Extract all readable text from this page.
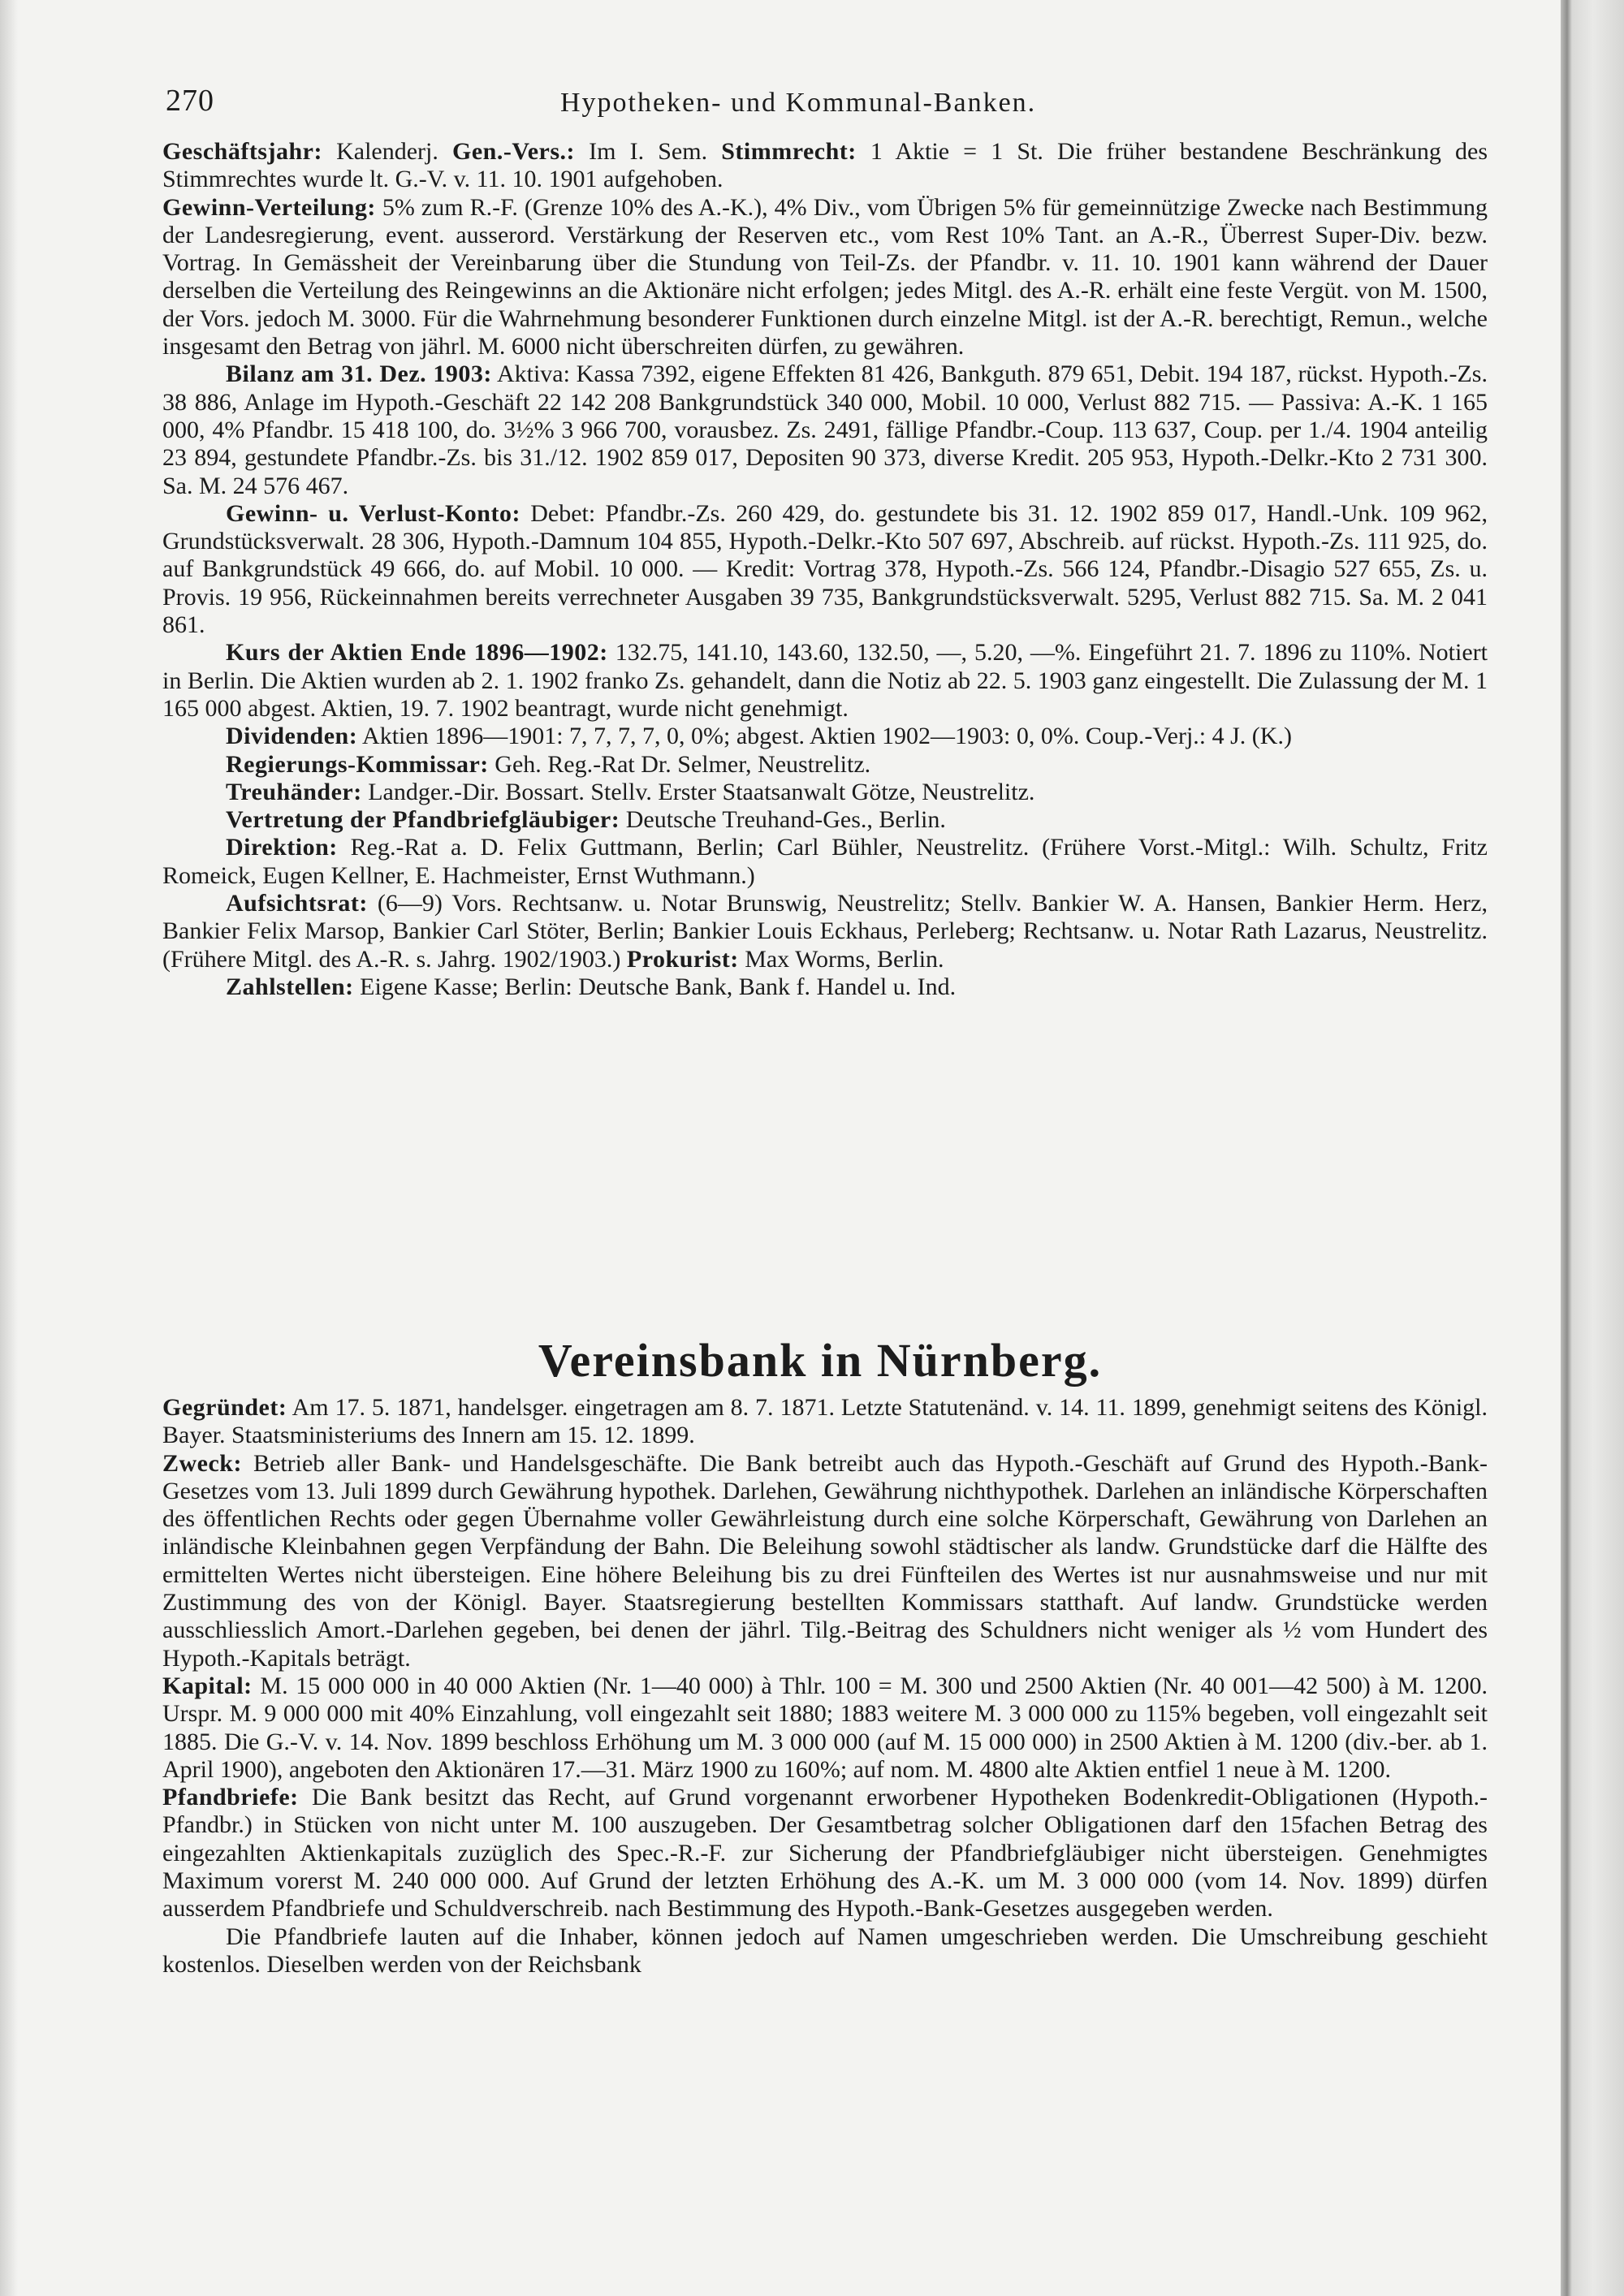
270	Hypotheken- und Kommunal-Banken.

Geschäftsjahr: Kalenderj. Gen.-Vers.: Im I. Sem. Stimmrecht: 1 Aktie = 1 St. Die früher bestandene Beschränkung des Stimmrechtes wurde lt. G.-V. v. 11. 10. 1901 aufgehoben.

Gewinn-Verteilung: 5% zum R.-F. (Grenze 10% des A.-K.), 4% Div., vom Übrigen 5% für gemeinnützige Zwecke nach Bestimmung der Landesregierung, event. ausserord. Verstärkung der Reserven etc., vom Rest 10% Tant. an A.-R., Überrest Super-Div. bezw. Vortrag. In Gemässheit der Vereinbarung über die Stundung von Teil-Zs. der Pfandbr. v. 11. 10. 1901 kann während der Dauer derselben die Verteilung des Reingewinns an die Aktionäre nicht erfolgen; jedes Mitgl. des A.-R. erhält eine feste Vergüt. von M. 1500, der Vors. jedoch M. 3000. Für die Wahrnehmung besonderer Funktionen durch einzelne Mitgl. ist der A.-R. berechtigt, Remun., welche insgesamt den Betrag von jährl. M. 6000 nicht überschreiten dürfen, zu gewähren.

Bilanz am 31. Dez. 1903: Aktiva: Kassa 7392, eigene Effekten 81 426, Bankguth. 879 651, Debit. 194 187, rückst. Hypoth.-Zs. 38 886, Anlage im Hypoth.-Geschäft 22 142 208 Bankgrundstück 340 000, Mobil. 10 000, Verlust 882 715. — Passiva: A.-K. 1 165 000, 4% Pfandbr. 15 418 100, do. 3½% 3 966 700, vorausbez. Zs. 2491, fällige Pfandbr.-Coup. 113 637, Coup. per 1./4. 1904 anteilig 23 894, gestundete Pfandbr.-Zs. bis 31./12. 1902 859 017, Depositen 90 373, diverse Kredit. 205 953, Hypoth.-Delkr.-Kto 2 731 300. Sa. M. 24 576 467.

Gewinn- u. Verlust-Konto: Debet: Pfandbr.-Zs. 260 429, do. gestundete bis 31. 12. 1902 859 017, Handl.-Unk. 109 962, Grundstücksverwalt. 28 306, Hypoth.-Damnum 104 855, Hypoth.-Delkr.-Kto 507 697, Abschreib. auf rückst. Hypoth.-Zs. 111 925, do. auf Bankgrundstück 49 666, do. auf Mobil. 10 000. — Kredit: Vortrag 378, Hypoth.-Zs. 566 124, Pfandbr.-Disagio 527 655, Zs. u. Provis. 19 956, Rückeinnahmen bereits verrechneter Ausgaben 39 735, Bankgrundstücksverwalt. 5295, Verlust 882 715. Sa. M. 2 041 861.

Kurs der Aktien Ende 1896—1902: 132.75, 141.10, 143.60, 132.50, —, 5.20, —%. Eingeführt 21. 7. 1896 zu 110%. Notiert in Berlin. Die Aktien wurden ab 2. 1. 1902 franko Zs. gehandelt, dann die Notiz ab 22. 5. 1903 ganz eingestellt. Die Zulassung der M. 1 165 000 abgest. Aktien, 19. 7. 1902 beantragt, wurde nicht genehmigt.

Dividenden: Aktien 1896—1901: 7, 7, 7, 7, 0, 0%; abgest. Aktien 1902—1903: 0, 0%. Coup.-Verj.: 4 J. (K.)

Regierungs-Kommissar: Geh. Reg.-Rat Dr. Selmer, Neustrelitz.

Treuhänder: Landger.-Dir. Bossart. Stellv. Erster Staatsanwalt Götze, Neustrelitz.

Vertretung der Pfandbriefgläubiger: Deutsche Treuhand-Ges., Berlin.

Direktion: Reg.-Rat a. D. Felix Guttmann, Berlin; Carl Bühler, Neustrelitz. (Frühere Vorst.-Mitgl.: Wilh. Schultz, Fritz Romeick, Eugen Kellner, E. Hachmeister, Ernst Wuthmann.)

Aufsichtsrat: (6—9) Vors. Rechtsanw. u. Notar Brunswig, Neustrelitz; Stellv. Bankier W. A. Hansen, Bankier Herm. Herz, Bankier Felix Marsop, Bankier Carl Stöter, Berlin; Bankier Louis Eckhaus, Perleberg; Rechtsanw. u. Notar Rath Lazarus, Neustrelitz. (Frühere Mitgl. des A.-R. s. Jahrg. 1902/1903.) Prokurist: Max Worms, Berlin.

Zahlstellen: Eigene Kasse; Berlin: Deutsche Bank, Bank f. Handel u. Ind.

Vereinsbank in Nürnberg.

Gegründet: Am 17. 5. 1871, handelsger. eingetragen am 8. 7. 1871. Letzte Statutenänd. v. 14. 11. 1899, genehmigt seitens des Königl. Bayer. Staatsministeriums des Innern am 15. 12. 1899.

Zweck: Betrieb aller Bank- und Handelsgeschäfte. Die Bank betreibt auch das Hypoth.-Geschäft auf Grund des Hypoth.-Bank-Gesetzes vom 13. Juli 1899 durch Gewährung hypothek. Darlehen, Gewährung nichthypothek. Darlehen an inländische Körperschaften des öffentlichen Rechts oder gegen Übernahme voller Gewährleistung durch eine solche Körperschaft, Gewährung von Darlehen an inländische Kleinbahnen gegen Verpfändung der Bahn. Die Beleihung sowohl städtischer als landw. Grundstücke darf die Hälfte des ermittelten Wertes nicht übersteigen. Eine höhere Beleihung bis zu drei Fünfteilen des Wertes ist nur ausnahmsweise und nur mit Zustimmung des von der Königl. Bayer. Staatsregierung bestellten Kommissars statthaft. Auf landw. Grundstücke werden ausschliesslich Amort.-Darlehen gegeben, bei denen der jährl. Tilg.-Beitrag des Schuldners nicht weniger als ½ vom Hundert des Hypoth.-Kapitals beträgt.

Kapital: M. 15 000 000 in 40 000 Aktien (Nr. 1—40 000) à Thlr. 100 = M. 300 und 2500 Aktien (Nr. 40 001—42 500) à M. 1200. Urspr. M. 9 000 000 mit 40% Einzahlung, voll eingezahlt seit 1880; 1883 weitere M. 3 000 000 zu 115% begeben, voll eingezahlt seit 1885. Die G.-V. v. 14. Nov. 1899 beschloss Erhöhung um M. 3 000 000 (auf M. 15 000 000) in 2500 Aktien à M. 1200 (div.-ber. ab 1. April 1900), angeboten den Aktionären 17.—31. März 1900 zu 160%; auf nom. M. 4800 alte Aktien entfiel 1 neue à M. 1200.

Pfandbriefe: Die Bank besitzt das Recht, auf Grund vorgenannt erworbener Hypotheken Bodenkredit-Obligationen (Hypoth.-Pfandbr.) in Stücken von nicht unter M. 100 auszugeben. Der Gesamtbetrag solcher Obligationen darf den 15fachen Betrag des eingezahlten Aktienkapitals zuzüglich des Spec.-R.-F. zur Sicherung der Pfandbriefgläubiger nicht übersteigen. Genehmigtes Maximum vorerst M. 240 000 000. Auf Grund der letzten Erhöhung des A.-K. um M. 3 000 000 (vom 14. Nov. 1899) dürfen ausserdem Pfandbriefe und Schuldverschreib. nach Bestimmung des Hypoth.-Bank-Gesetzes ausgegeben werden.

Die Pfandbriefe lauten auf die Inhaber, können jedoch auf Namen umgeschrieben werden. Die Umschreibung geschieht kostenlos. Dieselben werden von der Reichsbank
